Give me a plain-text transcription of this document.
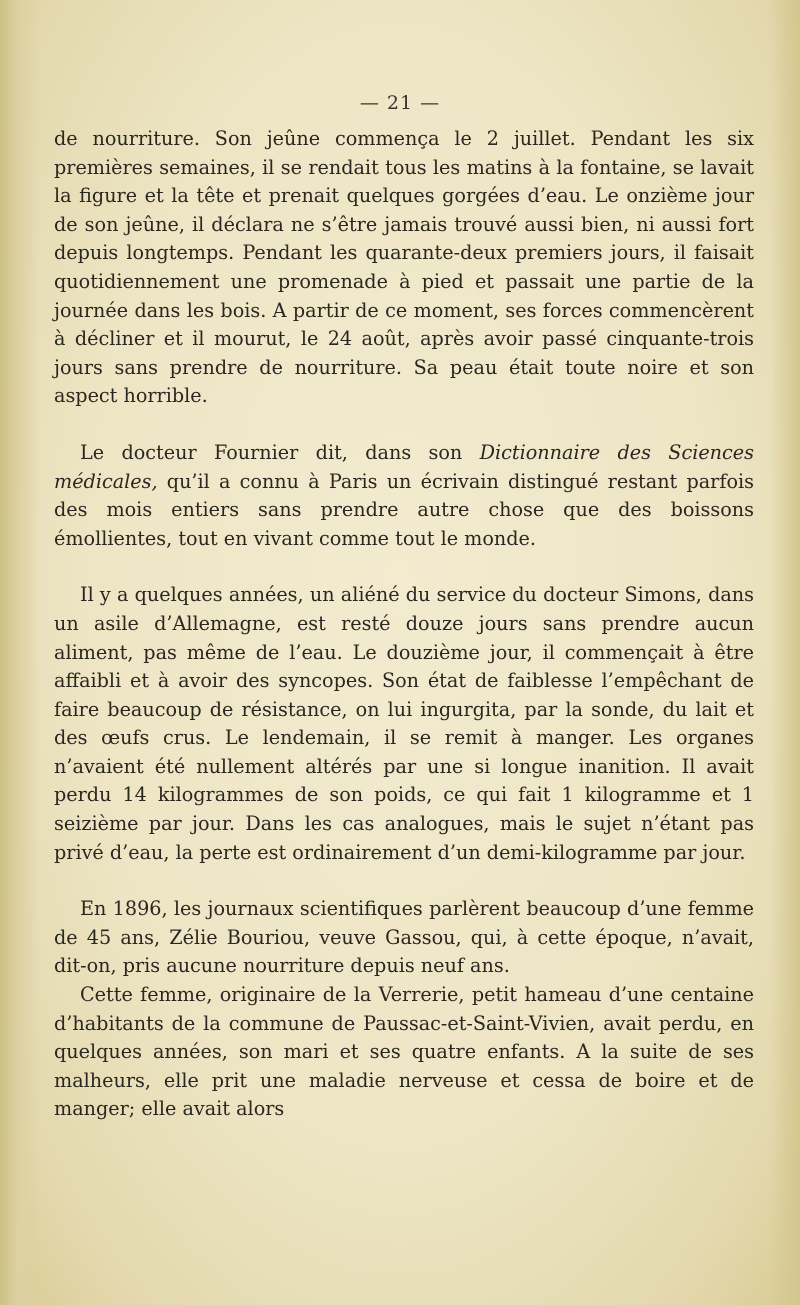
— 21 —

de nourriture. Son jeûne commença le 2 juillet. Pendant les six premières semaines, il se rendait tous les matins à la fontaine, se lavait la figure et la tête et prenait quelques gorgées d’eau. Le onzième jour de son jeûne, il déclara ne s’être jamais trouvé aussi bien, ni aussi fort depuis longtemps. Pendant les quarante-deux premiers jours, il faisait quotidiennement une promenade à pied et passait une partie de la journée dans les bois. A partir de ce moment, ses forces commencèrent à décliner et il mourut, le 24 août, après avoir passé cinquante-trois jours sans prendre de nourriture. Sa peau était toute noire et son aspect horrible.

Le docteur Fournier dit, dans son Dictionnaire des Sciences médicales, qu’il a connu à Paris un écrivain distingué restant parfois des mois entiers sans prendre autre chose que des boissons émollientes, tout en vivant comme tout le monde.

Il y a quelques années, un aliéné du service du docteur Simons, dans un asile d’Allemagne, est resté douze jours sans prendre aucun aliment, pas même de l’eau. Le douzième jour, il commençait à être affaibli et à avoir des syncopes. Son état de faiblesse l’empêchant de faire beaucoup de résistance, on lui ingurgita, par la sonde, du lait et des œufs crus. Le lendemain, il se remit à manger. Les organes n’avaient été nullement altérés par une si longue inanition. Il avait perdu 14 kilogrammes de son poids, ce qui fait 1 kilogramme et 1 seizième par jour. Dans les cas analogues, mais le sujet n’étant pas privé d’eau, la perte est ordinairement d’un demi-kilogramme par jour.

En 1896, les journaux scientifiques parlèrent beaucoup d’une femme de 45 ans, Zélie Bouriou, veuve Gassou, qui, à cette époque, n’avait, dit-on, pris aucune nourriture depuis neuf ans.

Cette femme, originaire de la Verrerie, petit hameau d’une centaine d’habitants de la commune de Paussac-et-Saint-Vivien, avait perdu, en quelques années, son mari et ses quatre enfants. A la suite de ses malheurs, elle prit une maladie nerveuse et cessa de boire et de manger; elle avait alors
